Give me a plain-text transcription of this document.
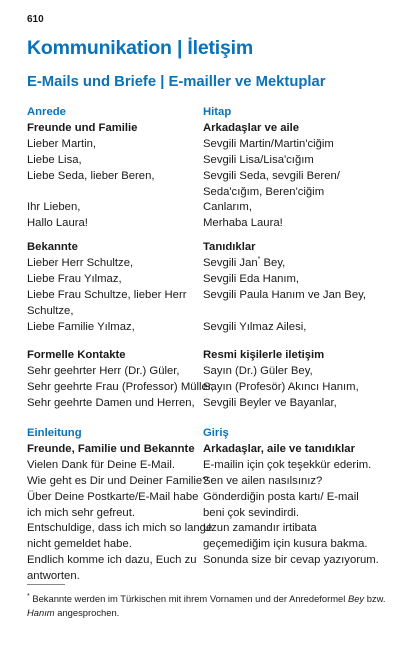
610
Kommunikation | İletişim
E-Mails und Briefe | E-mailler ve Mektuplar
Anrede
Freunde und Familie
Lieber Martin,
Liebe Lisa,
Liebe Seda, lieber Beren,

Ihr Lieben,
Hallo Laura!
Bekannte
Lieber Herr Schultze,
Liebe Frau Yılmaz,
Liebe Frau Schultze, lieber Herr
Schultze,
Liebe Familie Yılmaz,
Formelle Kontakte
Sehr geehrter Herr (Dr.) Güler,
Sehr geehrte Frau (Professor) Müller,
Sehr geehrte Damen und Herren,
Einleitung
Freunde, Familie und Bekannte
Vielen Dank für Deine E-Mail.
Wie geht es Dir und Deiner Familie?
Über Deine Postkarte/E-Mail habe
ich mich sehr gefreut.
Entschuldige, dass ich mich so lange
nicht gemeldet habe.
Endlich komme ich dazu, Euch zu
antworten.
Hitap
Arkadaşlar ve aile
Sevgili Martin/Martin'ciğim
Sevgili Lisa/Lisa'cığım
Sevgili Seda, sevgili Beren/
Seda'cığım, Beren'ciğim
Canlarım,
Merhaba Laura!
Tanıdıklar
Sevgili Jan* Bey,
Sevgili Eda Hanım,
Sevgili Paula Hanım ve Jan Bey,

Sevgili Yılmaz Ailesi,
Resmi kişilerle iletişim
Sayın (Dr.) Güler Bey,
Sayın (Profesör) Akıncı Hanım,
Sevgili Beyler ve Bayanlar,
Giriş
Arkadaşlar, aile ve tanıdıklar
E-mailin için çok teşekkür ederim.
Sen ve ailen nasılsınız?
Gönderdiğin posta kartı/ E-mail
beni çok sevindirdi.
Uzun zamandır irtibata
geçemediğim için kusura bakma.
Sonunda size bir cevap yazıyorum.
* Bekannte werden im Türkischen mit ihrem Vornamen und der Anredeformel Bey bzw.
Hanım angesprochen.
